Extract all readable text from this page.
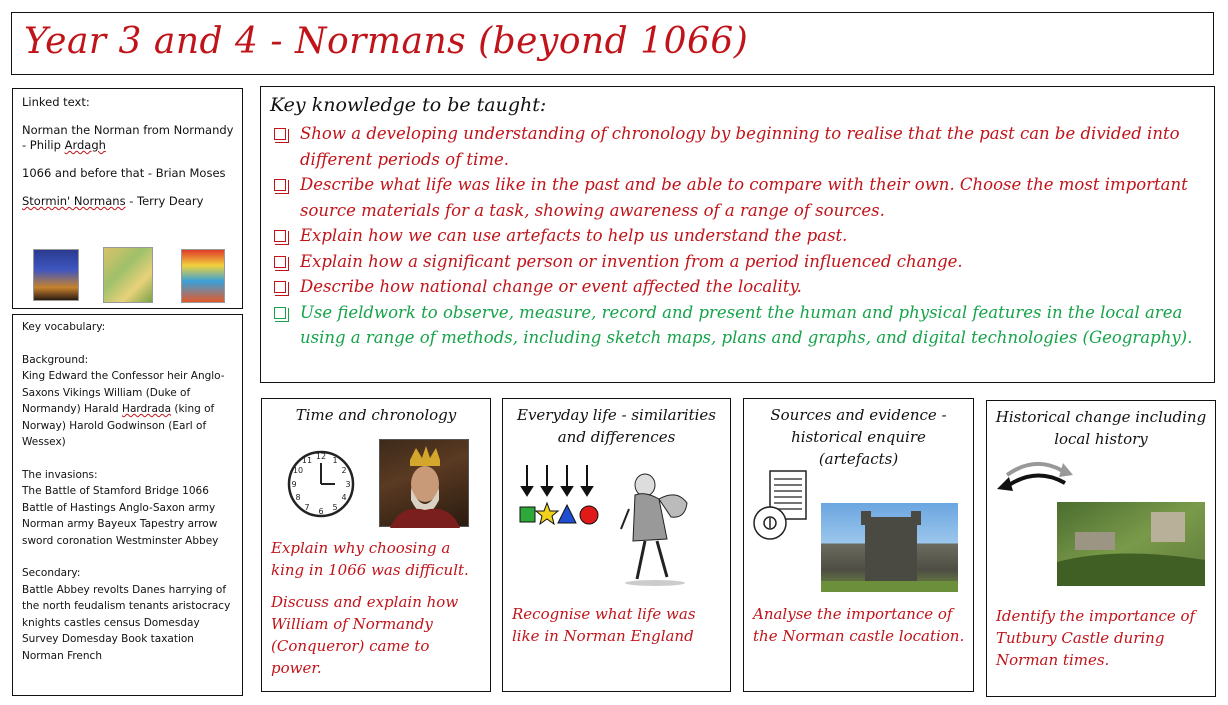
Year 3 and 4 - Normans (beyond 1066)
Linked text:
Norman the Norman from Normandy
- Philip Ardagh
1066 and before that - Brian Moses
Stormin' Normans - Terry Deary
Key vocabulary:
Background:
King Edward the Confessor heir Anglo-Saxons Vikings William (Duke of Normandy) Harald Hardrada (king of Norway) Harold Godwinson (Earl of Wessex)
The invasions:
The Battle of Stamford Bridge 1066 Battle of Hastings Anglo-Saxon army Norman army Bayeux Tapestry arrow sword coronation Westminster Abbey
Secondary:
Battle Abbey revolts Danes harrying of the north feudalism tenants aristocracy knights castles census Domesday Survey Domesday Book taxation Norman French
Key knowledge to be taught:
Show a developing understanding of chronology by beginning to realise that the past can be divided into different periods of time.
Describe what life was like in the past and be able to compare with their own. Choose the most important source materials for a task, showing awareness of a range of sources.
Explain how we can use artefacts to help us understand the past.
Explain how a significant person or invention from a period influenced change.
Describe how national change or event affected the locality.
Use fieldwork to observe, measure, record and present the human and physical features in the local area using a range of methods, including sketch maps, plans and graphs, and digital technologies (Geography).
Time and chronology
12 1
2
3
4
5
6
7
8
9
10
11
Explain why choosing a king in 1066 was difficult.
Discuss and explain how William of Normandy (Conqueror) came to power.
Everyday life - similarities and differences
Recognise what life was like in Norman England
Sources and evidence - historical enquire (artefacts)
Analyse the importance of the Norman castle location.
Historical change including local history
Identify the importance of Tutbury Castle during Norman times.
